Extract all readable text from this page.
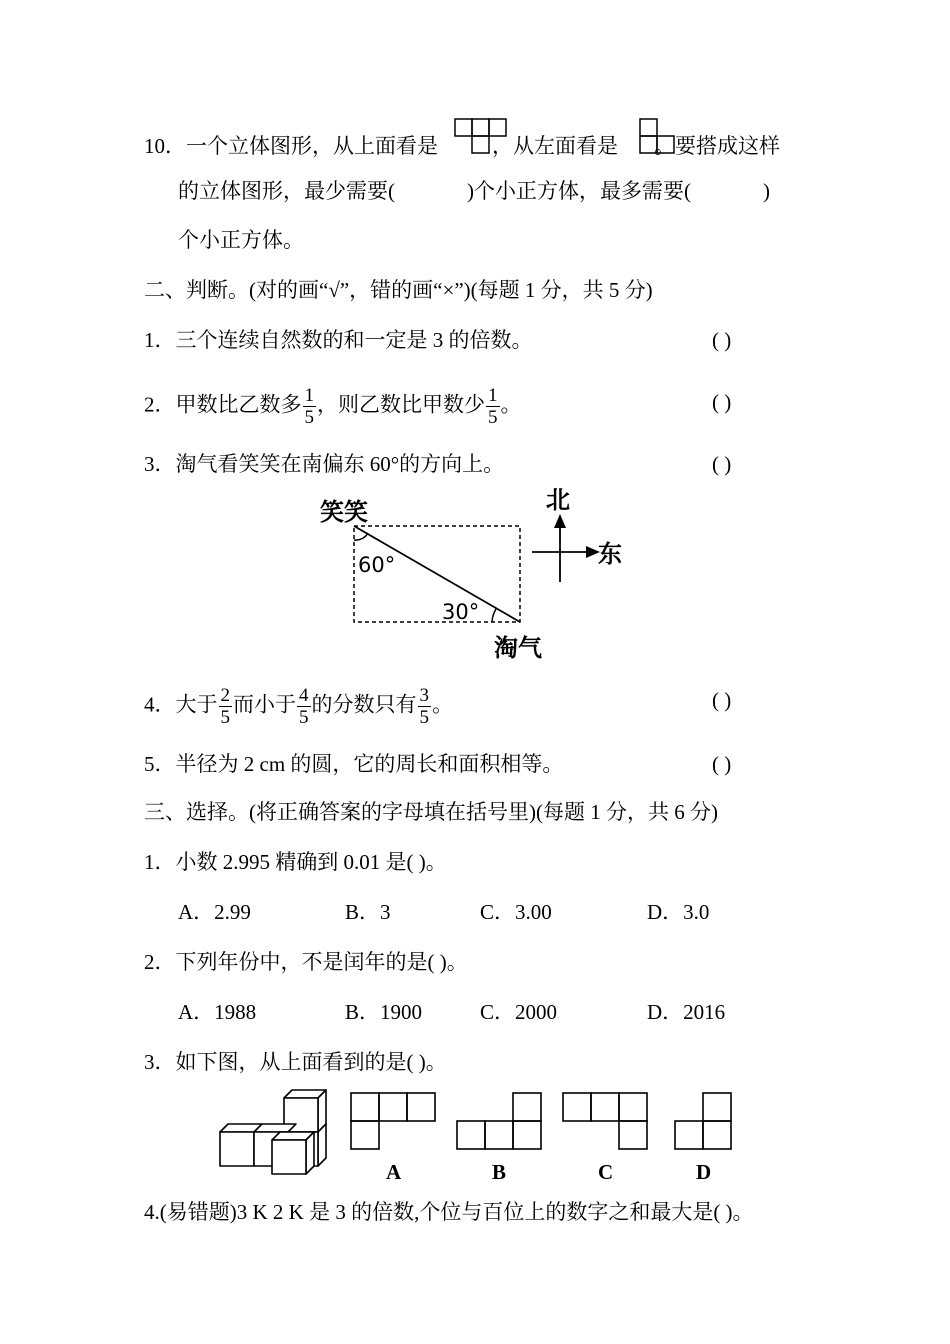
10．一个立体图形，从上面看是	，从左面看是 。要搭成这样
的立体图形，最少需要(	)个小正方体，最多需要(	)
个小正方体。
二、判断。(对的画“√”，错的画“×”)(每题 1 分，共 5 分)
1．三个连续自然数的和一定是 3 的倍数。	( )
2．甲数比乙数多 $\frac{1}{5}$ ，则乙数比甲数少 $\frac{1}{5}$ 。	( )
3．淘气看笑笑在南偏东 60°的方向上。	( )
笑笑
60°
30°
淘气
北
东
4．大于 $\frac{2}{5}$ 而小于 $\frac{4}{5}$ 的分数只有 $\frac{3}{5}$ 。	( )
5．半径为 2 cm 的圆，它的周长和面积相等。	( )
三、选择。(将正确答案的字母填在括号里)(每题 1 分，共 6 分)
1．小数 2.995 精确到 0.01 是( )。
A．2.99	B．3	C．3.00	D．3.0
2．下列年份中，不是闰年的是( )。
A．1988	B．1900	C．2000	D．2016
3．如下图，从上面看到的是( )。
A	B	C	D
4.(易错题)3 K 2 K 是 3 的倍数,个位与百位上的数字之和最大是( )。
